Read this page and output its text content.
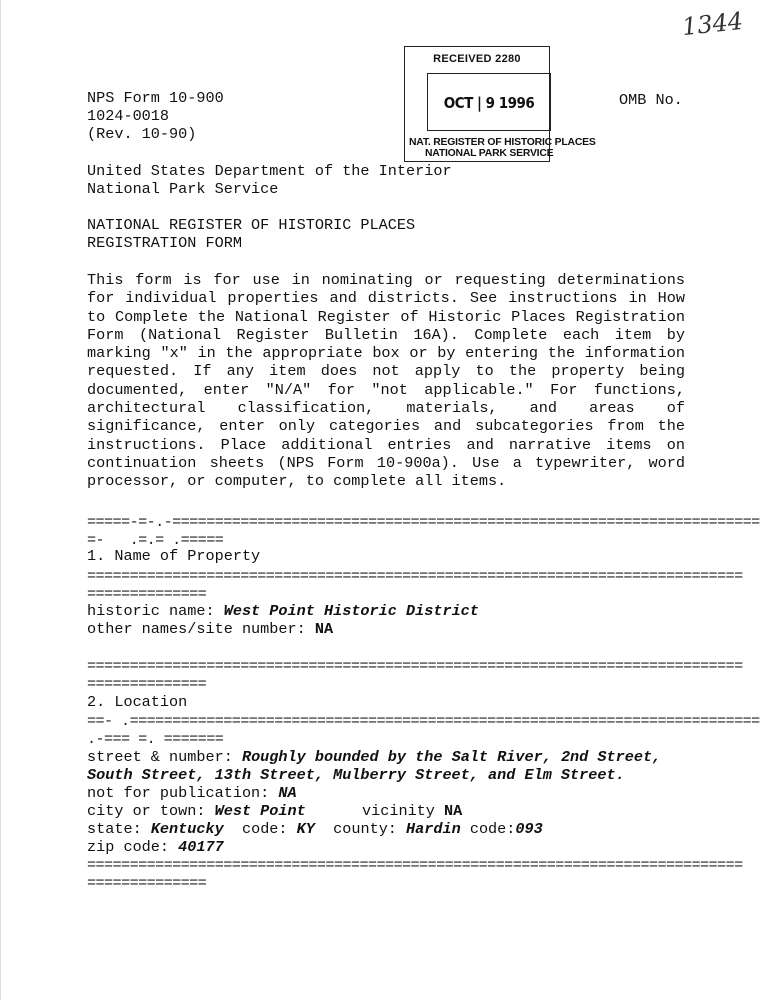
1344
NPS Form 10-900
1024-0018
(Rev. 10-90)
OMB No.
RECEIVED 2280
OCT | 9 1996
NAT. REGISTER OF HISTORIC PLACES
NATIONAL PARK SERVICE
United States Department of the Interior
National Park Service
NATIONAL REGISTER OF HISTORIC PLACES
REGISTRATION FORM
This form is for use in nominating or requesting determinations for individual properties and districts. See instructions in How to Complete the National Register of Historic Places Registration Form (National Register Bulletin 16A). Complete each item by marking "x" in the appropriate box or by entering the information requested. If any item does not apply to the property being documented, enter "N/A" for "not applicable." For functions, architectural classification, materials, and areas of significance, enter only categories and subcategories from the instructions. Place additional entries and narrative items on continuation sheets (NPS Form 10-900a). Use a typewriter, word processor, or computer, to complete all items.
=====-=-.-=====================================================================
=-   .=.= .=====
1. Name of Property
=============================================================================
==============
historic name: West Point Historic District
other names/site number: NA
=============================================================================
==============
2. Location
==- .==========================================================================
.-=== =. =======
street & number: Roughly bounded by the Salt River, 2nd Street,
South Street, 13th Street, Mulberry Street, and Elm Street.
not for publication: NA
city or town: West Point	vicinity NA
state: Kentucky  code: KY  county: Hardin code:093
zip code: 40177
=============================================================================
==============
